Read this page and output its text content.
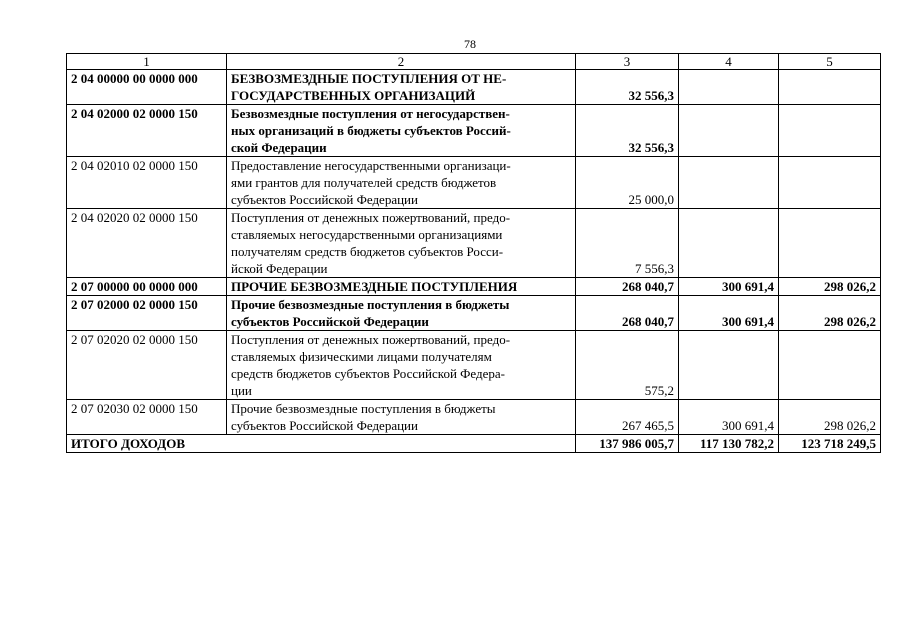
78
1	2	3	4	5
2 04 00000 00 0000 000	БЕЗВОЗМЕЗДНЫЕ ПОСТУПЛЕНИЯ ОТ НЕ-
ГОСУДАРСТВЕННЫХ ОРГАНИЗАЦИЙ	32 556,3		
2 04 02000 02 0000 150	Безвозмездные поступления от негосударствен-
ных организаций в бюджеты субъектов Россий-
ской Федерации	32 556,3		
2 04 02010 02 0000 150	Предоставление негосударственными организаци-
ями грантов для получателей средств бюджетов
субъектов Российской Федерации	25 000,0		
2 04 02020 02 0000 150	Поступления от денежных пожертвований, предо-
ставляемых негосударственными организациями
получателям средств бюджетов субъектов Росси-
йской Федерации	7 556,3		
2 07 00000 00 0000 000	ПРОЧИЕ БЕЗВОЗМЕЗДНЫЕ ПОСТУПЛЕНИЯ	268 040,7	300 691,4	298 026,2
2 07 02000 02 0000 150	Прочие безвозмездные поступления в бюджеты
субъектов Российской Федерации	268 040,7	300 691,4	298 026,2
2 07 02020 02 0000 150	Поступления от денежных пожертвований, предо-
ставляемых физическими лицами получателям
средств бюджетов субъектов Российской Федера-
ции	575,2		
2 07 02030 02 0000 150	Прочие безвозмездные поступления в бюджеты
субъектов Российской Федерации	267 465,5	300 691,4	298 026,2
ИТОГО ДОХОДОВ		137 986 005,7	117 130 782,2	123 718 249,5
